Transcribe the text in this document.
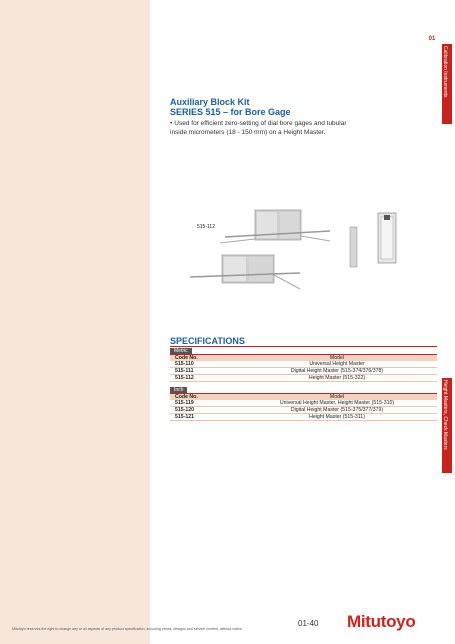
01
Calibration Instruments
Height Masters, Check Masters
Auxiliary Block Kit
SERIES 515 – for Bore Gage
• Used for efficient zero-setting of dial bore gages and tubular inside micrometers (18 - 150 mm) on a Height Master.
515-112
SPECIFICATIONS
Metric
Code No.	Model
515-110	Universal Height Master
515-111	Digital Height Master (515-374/376/378)
515-112	Height Master (515-322)
Inch
Code No.	Model
515-119	Universal Height Master, Height Master (515-310)
515-120	Digital Height Master (515-375/377/379)
515-121	Height Master (515-311)
Mitutoyo reserves the right to change any or all aspects of any product specification, including prices, designs and service content, without notice.
01-40 Mitutoyo
